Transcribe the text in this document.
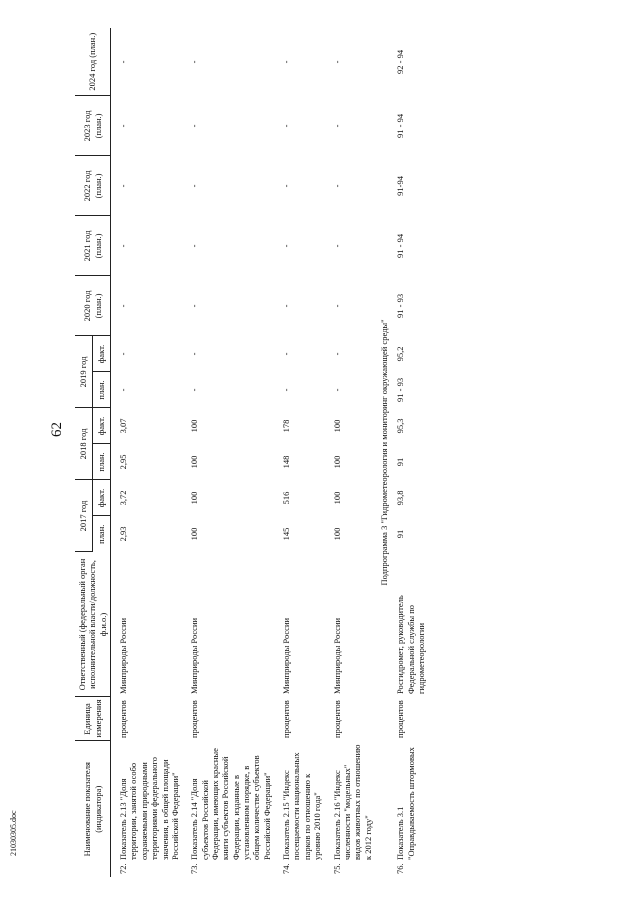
62
Наименование показателя (индикатора)		Единица измерения	Ответственный (федеральный орган исполнительной власти/должность, ф.и.о.)	2017 год		2018 год		2019 год		2020 год (план.)	2021 год (план.)	2022 год (план.)	2023 год (план.)	2024 год (план.)
				план.	факт.	план.	факт.	план.	факт.					
72.	Показатель 2.13 "Доля территории, занятой особо охраняемыми природными территориями федерального значения, в общей площади Российской Федерации"	процентов	Минприроды России	2,93	3,72	2,95	3,07	-	-	-	-	-	-	-
73.	Показатель 2.14 "Доля субъектов Российской Федерации, имеющих красные книги субъектов Российской Федерации, изданные в установленном порядке, в общем количестве субъектов Российской Федерации"	процентов	Минприроды России	100	100	100	100	-	-	-	-	-	-	-
74.	Показатель 2.15 "Индекс посещаемости национальных парков по отношению к уровню 2010 года"	процентов	Минприроды России	145	516	148	178	-	-	-	-	-	-	-
75.	Показатель 2.16 "Индекс численности "модельных" видов животных по отношению к 2012 году"	процентов	Минприроды России	100	100	100	100	-	-	-	-	-	-	-
Подпрограмма 3 "Гидрометеорология и мониторинг окружающей среды"														
76.	Показатель 3.1 "Оправдываемость штормовых	процентов	Росгидромет, руководитель Федеральной службы по гидрометеорологии	91	93,8	91	95,3	91 - 93	95,2	91 - 93	91 - 94	91-94	91 - 94	92 - 94
21030305.doc
